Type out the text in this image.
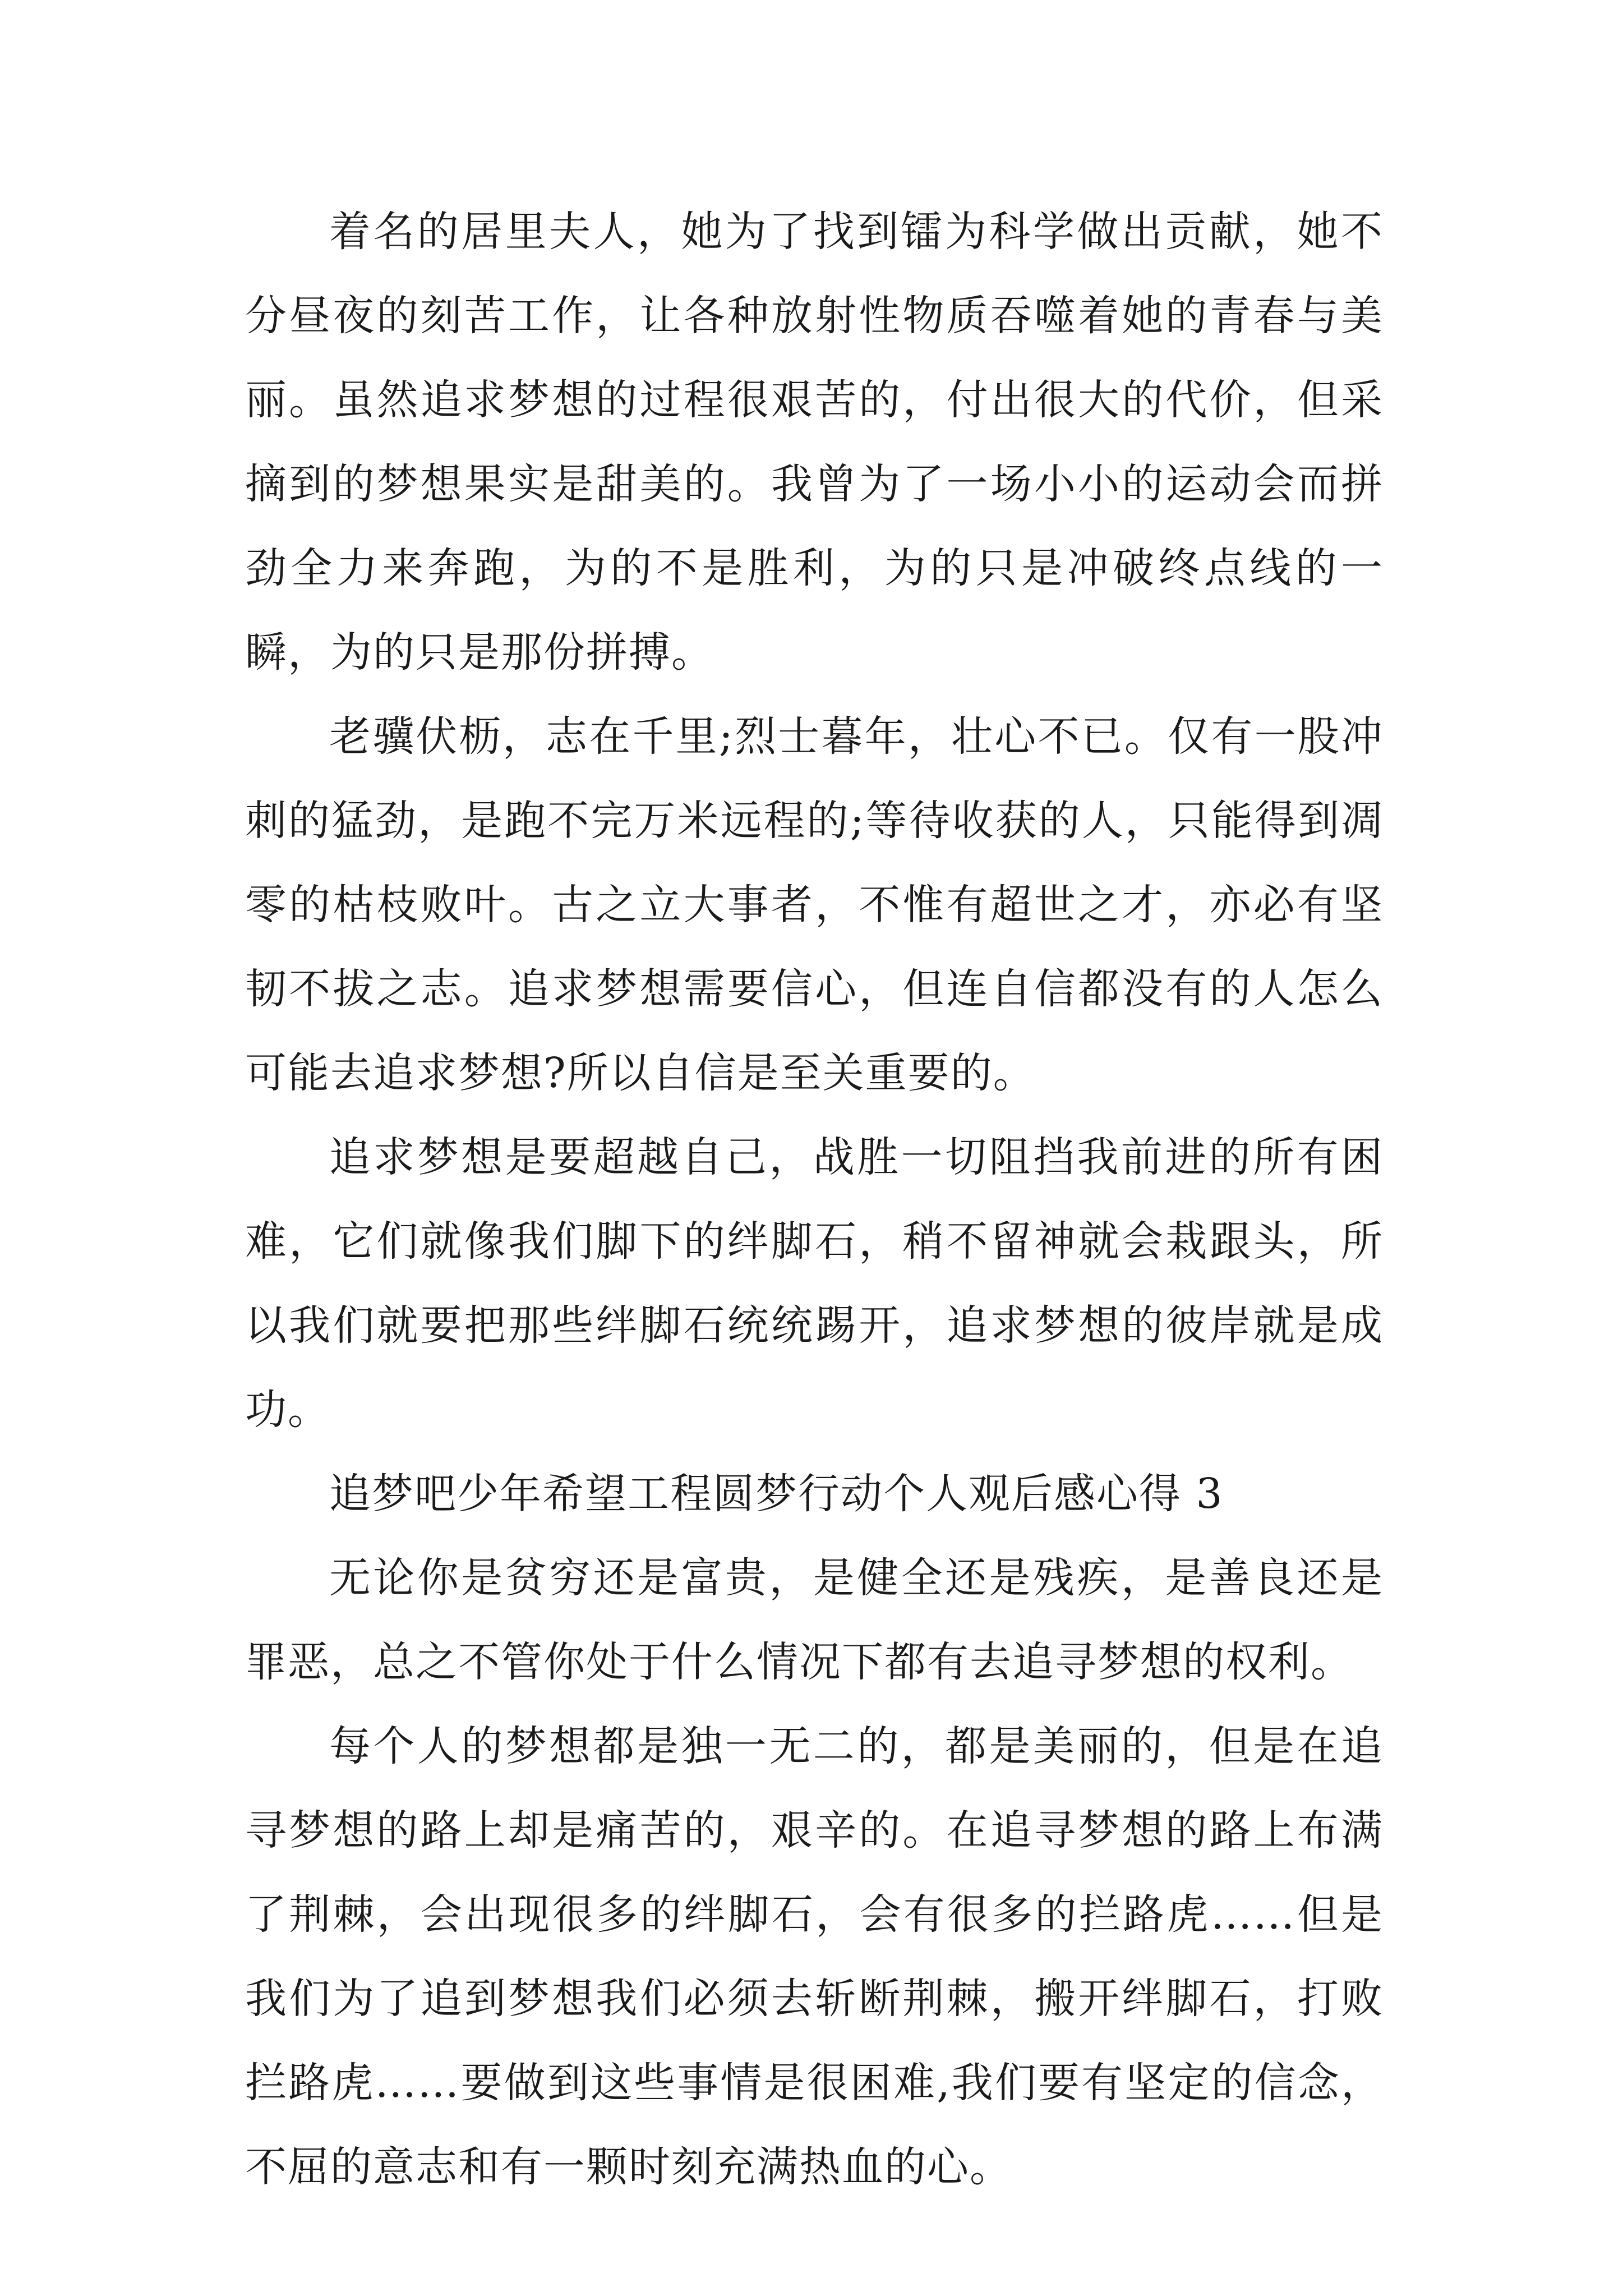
着名的居里夫人，她为了找到镭为科学做出贡献，她不分昼夜的刻苦工作，让各种放射性物质吞噬着她的青春与美丽。虽然追求梦想的过程很艰苦的，付出很大的代价，但采摘到的梦想果实是甜美的。我曾为了一场小小的运动会而拼劲全力来奔跑，为的不是胜利，为的只是冲破终点线的一瞬，为的只是那份拼搏。

老骥伏枥，志在千里;烈士暮年，壮心不已。仅有一股冲刺的猛劲，是跑不完万米远程的;等待收获的人，只能得到凋零的枯枝败叶。古之立大事者，不惟有超世之才，亦必有坚韧不拔之志。追求梦想需要信心，但连自信都没有的人怎么可能去追求梦想?所以自信是至关重要的。

追求梦想是要超越自己，战胜一切阻挡我前进的所有困难，它们就像我们脚下的绊脚石，稍不留神就会栽跟头，所以我们就要把那些绊脚石统统踢开，追求梦想的彼岸就是成功。

追梦吧少年希望工程圆梦行动个人观后感心得 3

无论你是贫穷还是富贵，是健全还是残疾，是善良还是罪恶，总之不管你处于什么情况下都有去追寻梦想的权利。

每个人的梦想都是独一无二的，都是美丽的，但是在追寻梦想的路上却是痛苦的，艰辛的。在追寻梦想的路上布满了荆棘，会出现很多的绊脚石，会有很多的拦路虎……但是我们为了追到梦想我们必须去斩断荆棘，搬开绊脚石，打败拦路虎……要做到这些事情是很困难,我们要有坚定的信念，不屈的意志和有一颗时刻充满热血的心。
